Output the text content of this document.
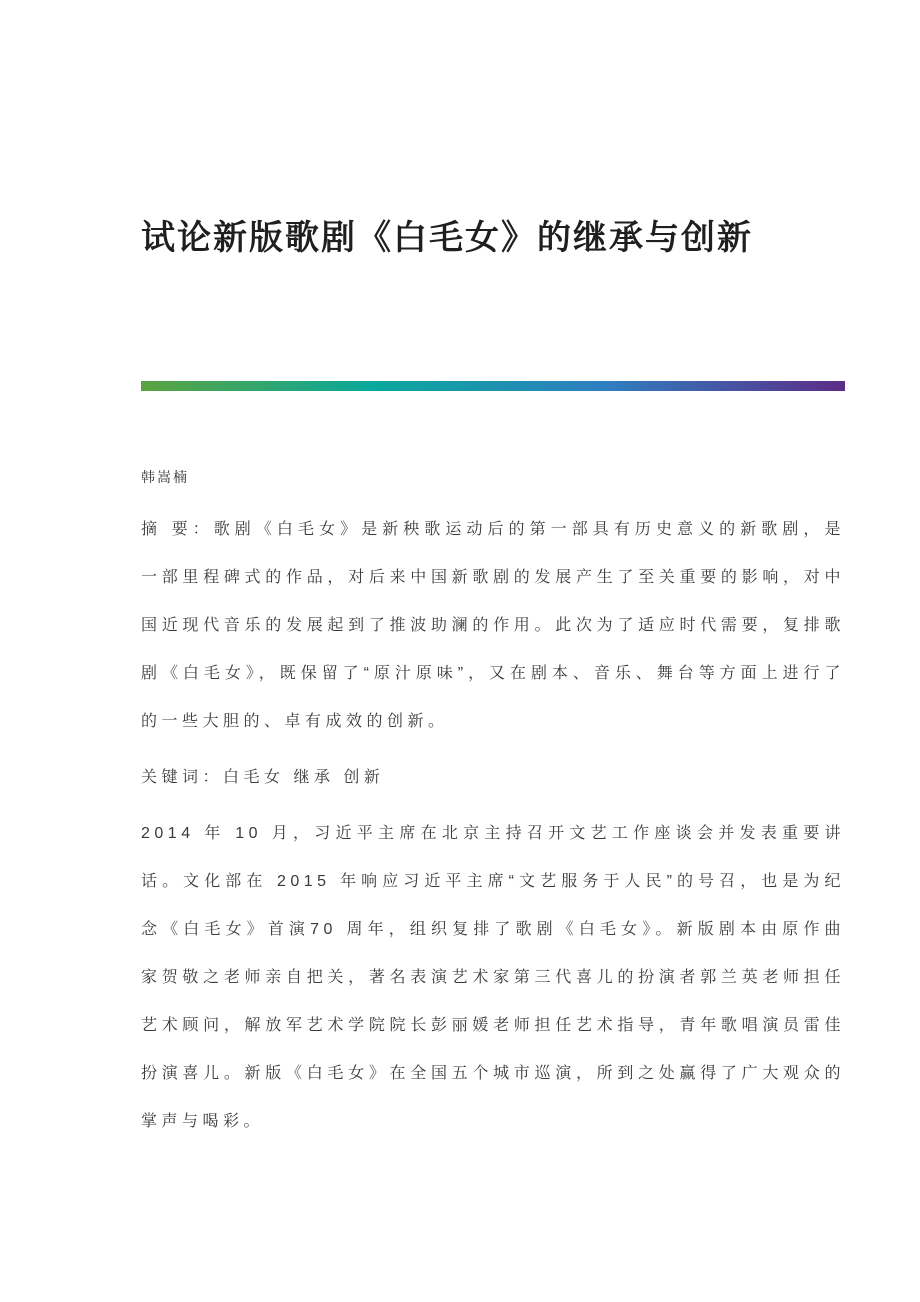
试论新版歌剧《白毛女》的继承与创新
韩嵩楠

摘 要：歌剧《白毛女》是新秧歌运动后的第一部具有历史意义的新歌剧，是一部里程碑式的作品，对后来中国新歌剧的发展产生了至关重要的影响，对中国近现代音乐的发展起到了推波助澜的作用。此次为了适应时代需要，复排歌剧《白毛女》，既保留了“原汁原味”，又在剧本、音乐、舞台等方面上进行了的一些大胆的、卓有成效的创新。

关键词：白毛女 继承 创新

2014 年 10 月，习近平主席在北京主持召开文艺工作座谈会并发表重要讲话。文化部在 2015 年响应习近平主席“文艺服务于人民”的号召，也是为纪念《白毛女》首演70 周年，组织复排了歌剧《白毛女》。新版剧本由原作曲家贺敬之老师亲自把关，著名表演艺术家第三代喜儿的扮演者郭兰英老师担任艺术顾问，解放军艺术学院院长彭丽媛老师担任艺术指导，青年歌唱演员雷佳扮演喜儿。新版《白毛女》在全国五个城市巡演，所到之处赢得了广大观众的掌声与喝彩。
